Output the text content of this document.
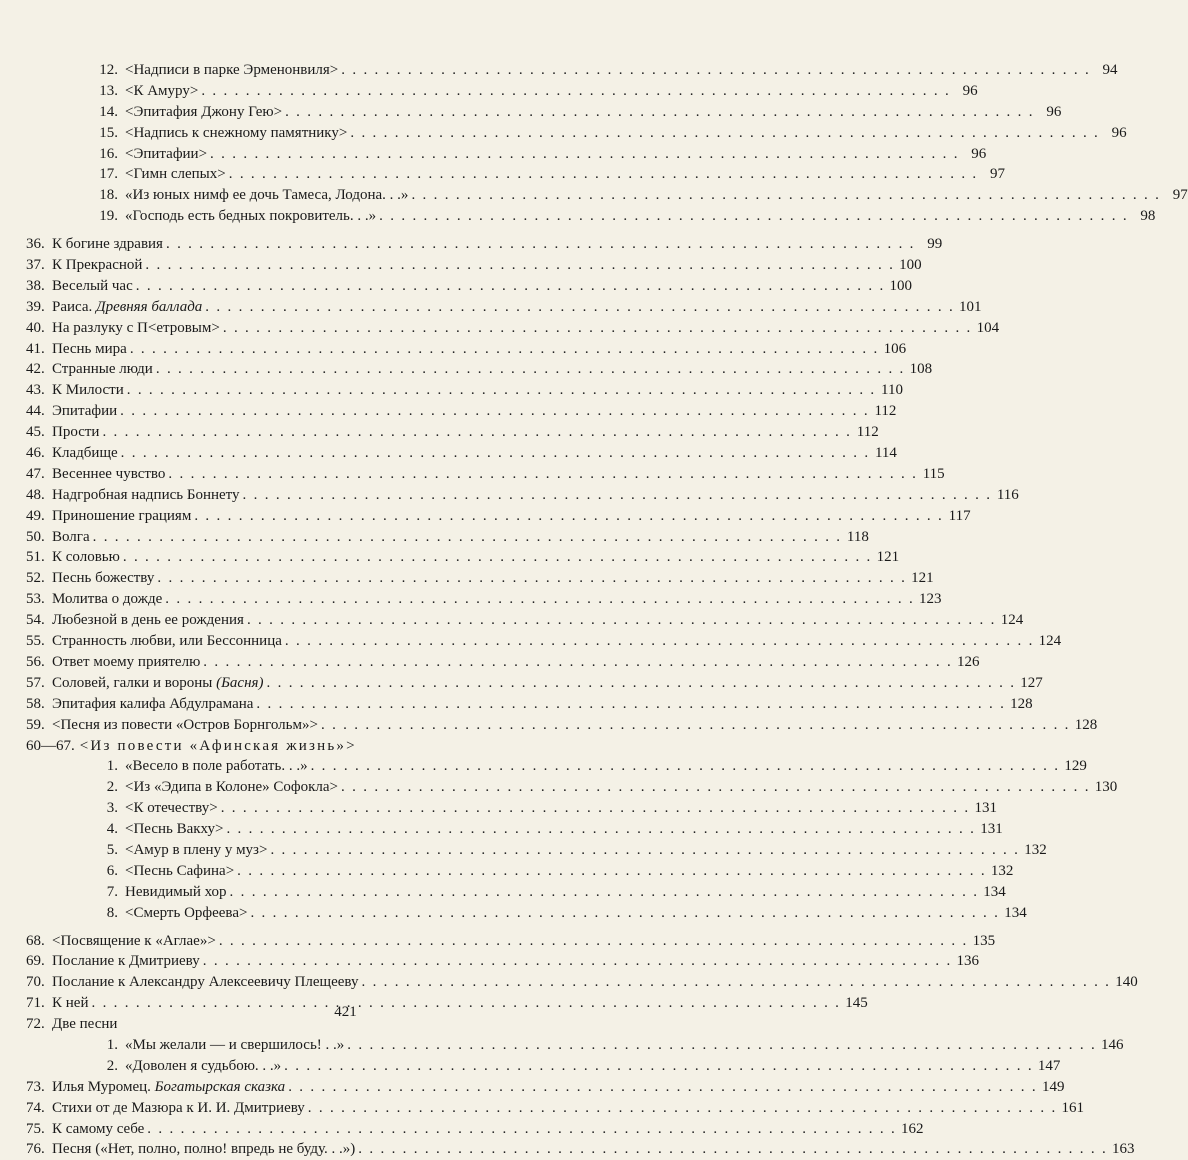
12. <Надписи в парке Эрменонвиля> . . .	94
13. <К Амуру> . . .	96
14. <Эпитафия Джону Гею> . . .	96
15. <Надпись к снежному памятнику> . . .	96
16. <Эпитафии> . . .	96
17. <Гимн слепых> . . .	97
18. «Из юных нимф ее дочь Тамеса, Лодона. . .» . . .	97
19. «Господь есть бедных покровитель. . .» . . .	98
36. К богине здравия . . .	99
37. К Прекрасной . . .	100
38. Веселый час . . .	100
39. Раиса. Древняя баллада . . .	101
40. На разлуку с П<етровым> . . .	104
41. Песнь мира . . .	106
42. Странные люди . . .	108
43. К Милости . . .	110
44. Эпитафии . . .	112
45. Прости . . .	112
46. Кладбище . . .	114
47. Весеннее чувство . . .	115
48. Надгробная надпись Боннету . . .	116
49. Приношение грациям . . .	117
50. Волга . . .	118
51. К соловью . . .	121
52. Песнь божеству . . .	121
53. Молитва о дожде . . .	123
54. Любезной в день ее рождения . . .	124
55. Странность любви, или Бессонница . . .	124
56. Ответ моему приятелю . . .	126
57. Соловей, галки и вороны (Басня) . . .	127
58. Эпитафия калифа Абдулрамана . . .	128
59. <Песня из повести «Остров Борнгольм»> . . .	128
60—67. <Из повести «Афинская жизнь»>
1. «Весело в поле работать. . .» . . .	129
2. <Из «Эдипа в Колоне» Софокла> . . .	130
3. <К отечеству> . . .	131
4. <Песнь Вакху> . . .	131
5. <Амур в плену у муз> . . .	132
6. <Песнь Сафина> . . .	132
7. Невидимый хор . . .	134
8. <Смерть Орфеева> . . .	134
68. <Посвящение к «Аглае»> . . .	135
69. Послание к Дмитриеву . . .	136
70. Послание к Александру Алексеевичу Плещееву . . .	140
71. К ней . . .	145
72. Две песни
1. «Мы желали — и свершилось! . .» . . .	146
2. «Доволен я судьбою. . .» . . .	147
73. Илья Муромец. Богатырская сказка . . .	149
74. Стихи от де Мазюра к И. И. Дмитриеву . . .	161
75. К самому себе . . .	162
76. Песня («Нет, полно, полно! впредь не буду. . .») . . .	163
421
